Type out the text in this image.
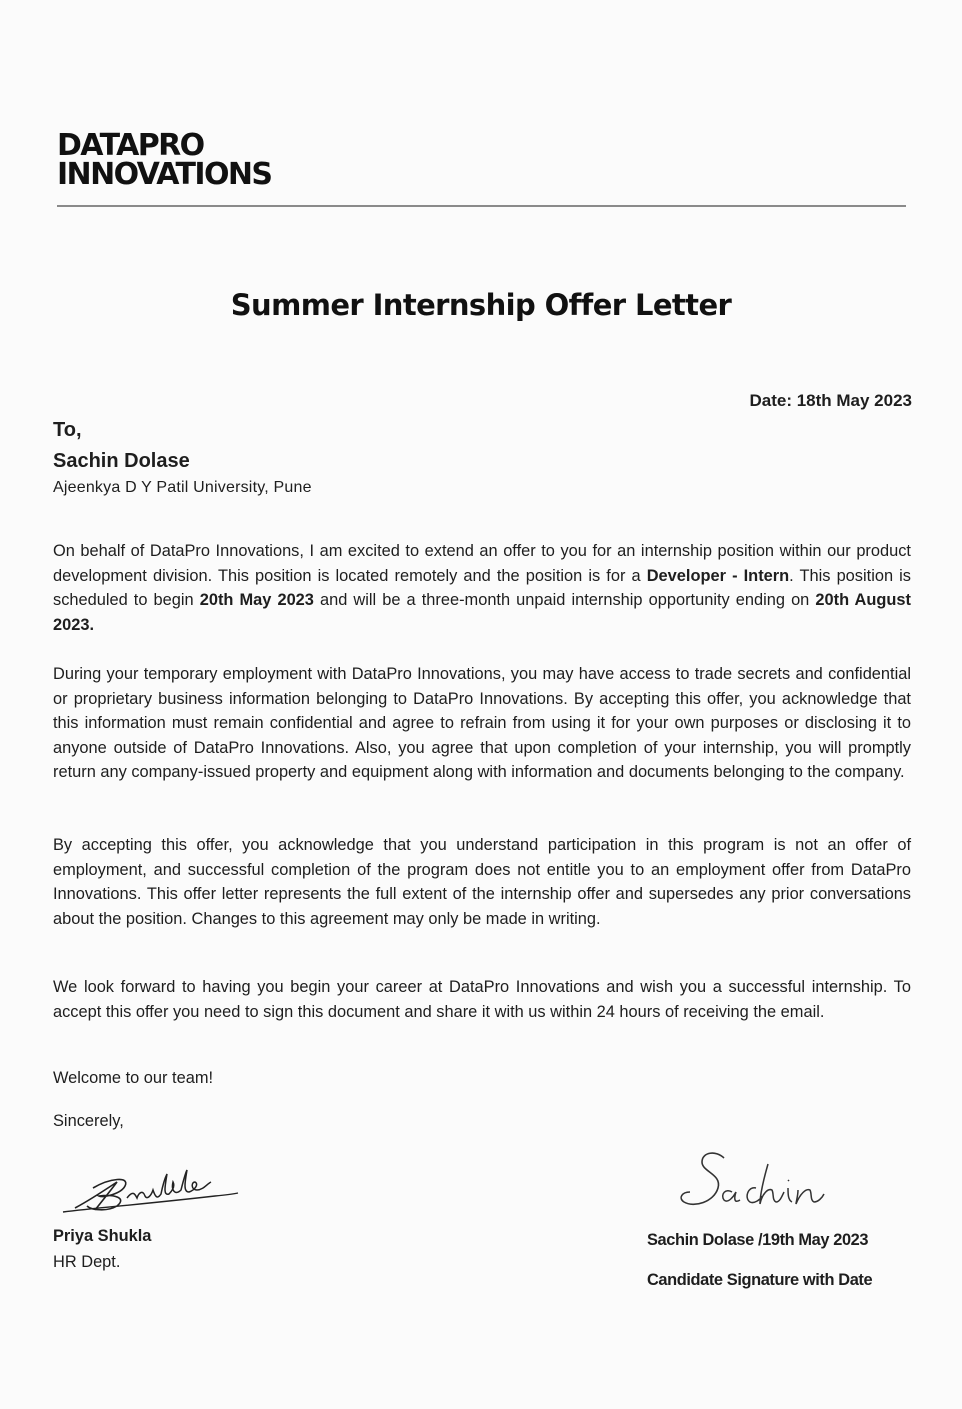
DATAPRO
INNOVATIONS
Summer Internship Offer Letter
Date: 18th May 2023
To,
Sachin Dolase
Ajeenkya D Y Patil University, Pune

On behalf of DataPro Innovations, I am excited to extend an offer to you for an internship position within our product development division. This position is located remotely and the position is for a Developer - Intern. This position is scheduled to begin 20th May 2023 and will be a three-month unpaid internship opportunity ending on 20th August 2023.

During your temporary employment with DataPro Innovations, you may have access to trade secrets and confidential or proprietary business information belonging to DataPro Innovations. By accepting this offer, you acknowledge that this information must remain confidential and agree to refrain from using it for your own purposes or disclosing it to anyone outside of DataPro Innovations. Also, you agree that upon completion of your internship, you will promptly return any company-issued property and equipment along with information and documents belonging to the company.

By accepting this offer, you acknowledge that you understand participation in this program is not an offer of employment, and successful completion of the program does not entitle you to an employment offer from DataPro Innovations. This offer letter represents the full extent of the internship offer and supersedes any prior conversations about the position. Changes to this agreement may only be made in writing.

We look forward to having you begin your career at DataPro Innovations and wish you a successful internship. To accept this offer you need to sign this document and share it with us within 24 hours of receiving the email.

Welcome to our team!
Sincerely,
Priya Shukla
HR Dept.
Sachin Dolase /19th May 2023
Candidate Signature with Date
